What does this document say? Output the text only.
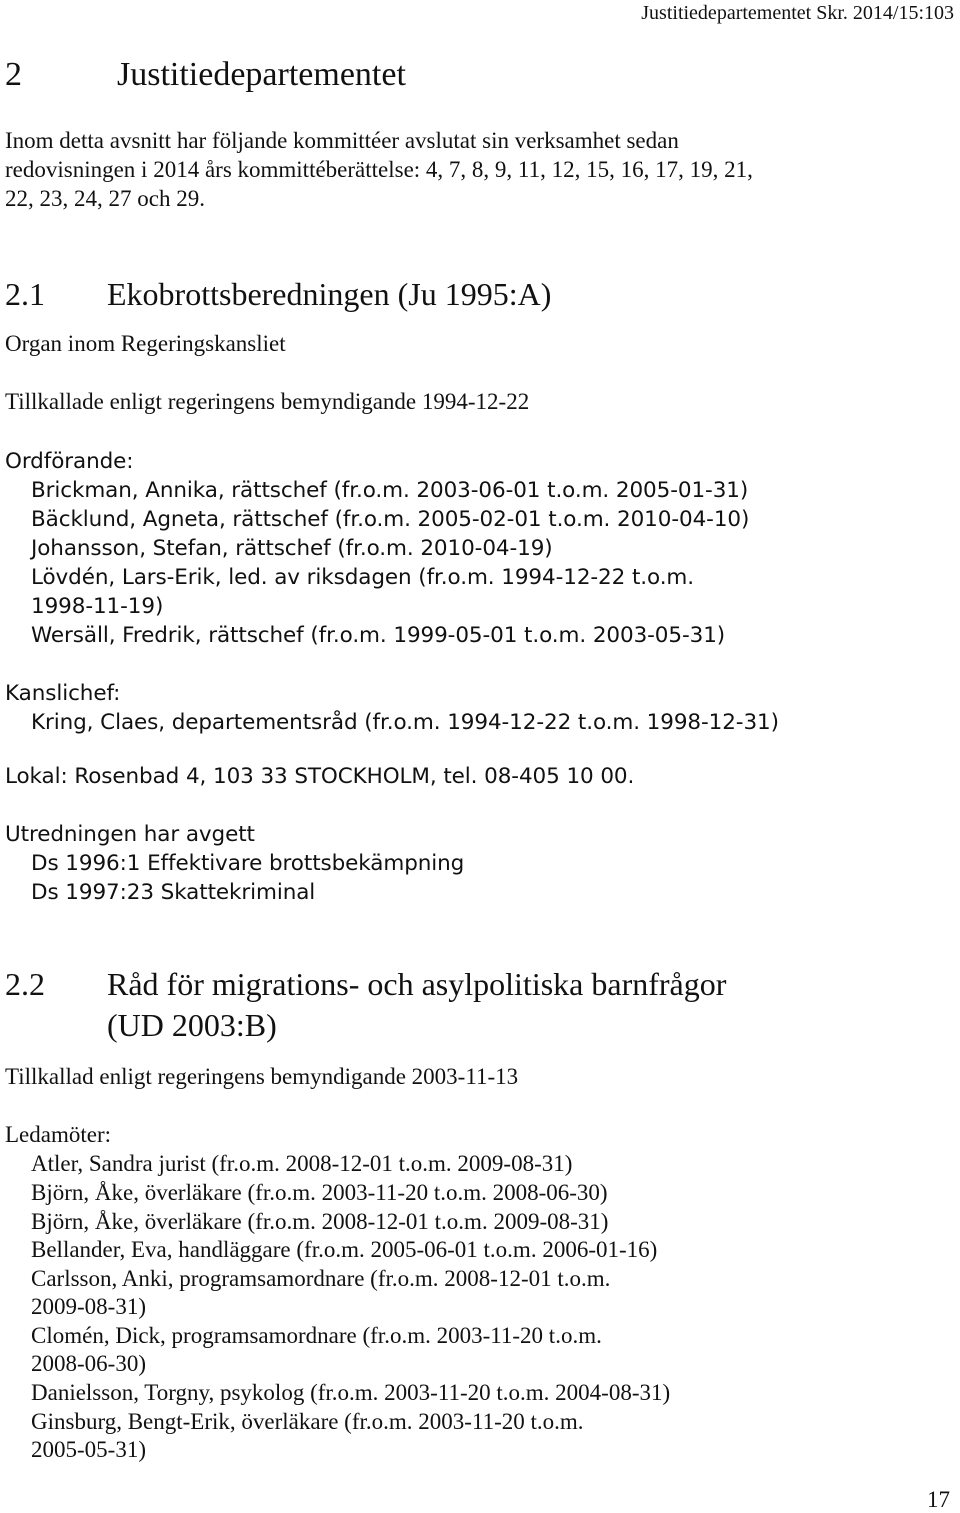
Justitiedepartementet Skr. 2014/15:103
2	Justitiedepartementet
Inom detta avsnitt har följande kommittéer avslutat sin verksamhet sedan
redovisningen i 2014 års kommittéberättelse: 4, 7, 8, 9, 11, 12, 15, 16, 17, 19, 21,
22, 23, 24, 27 och 29.
2.1 Ekobrottsberedningen (Ju 1995:A)
Organ inom Regeringskansliet
Tillkallade enligt regeringens bemyndigande 1994-12-22
Ordförande:
Brickman, Annika, rättschef (fr.o.m. 2003-06-01 t.o.m. 2005-01-31)
Bäcklund, Agneta, rättschef (fr.o.m. 2005-02-01 t.o.m. 2010-04-10)
Johansson, Stefan, rättschef (fr.o.m. 2010-04-19)
Lövdén, Lars-Erik, led. av riksdagen (fr.o.m. 1994-12-22 t.o.m.
1998-11-19)
Wersäll, Fredrik, rättschef (fr.o.m. 1999-05-01 t.o.m. 2003-05-31)
Kanslichef:
Kring, Claes, departementsråd (fr.o.m. 1994-12-22 t.o.m. 1998-12-31)
Lokal: Rosenbad 4, 103 33 STOCKHOLM, tel. 08-405 10 00.
Utredningen har avgett
Ds 1996:1 Effektivare brottsbekämpning
Ds 1997:23 Skattekriminal
2.2 Råd för migrations- och asylpolitiska barnfrågor
(UD 2003:B)
Tillkallad enligt regeringens bemyndigande 2003-11-13
Ledamöter:
Atler, Sandra jurist (fr.o.m. 2008-12-01 t.o.m. 2009-08-31)
Björn, Åke, överläkare (fr.o.m. 2003-11-20 t.o.m. 2008-06-30)
Björn, Åke, överläkare (fr.o.m. 2008-12-01 t.o.m. 2009-08-31)
Bellander, Eva, handläggare (fr.o.m. 2005-06-01 t.o.m. 2006-01-16)
Carlsson, Anki, programsamordnare (fr.o.m. 2008-12-01 t.o.m.
2009-08-31)
Clomén, Dick, programsamordnare (fr.o.m. 2003-11-20 t.o.m.
2008-06-30)
Danielsson, Torgny, psykolog (fr.o.m. 2003-11-20 t.o.m. 2004-08-31)
Ginsburg, Bengt-Erik, överläkare (fr.o.m. 2003-11-20 t.o.m.
2005-05-31)
17
